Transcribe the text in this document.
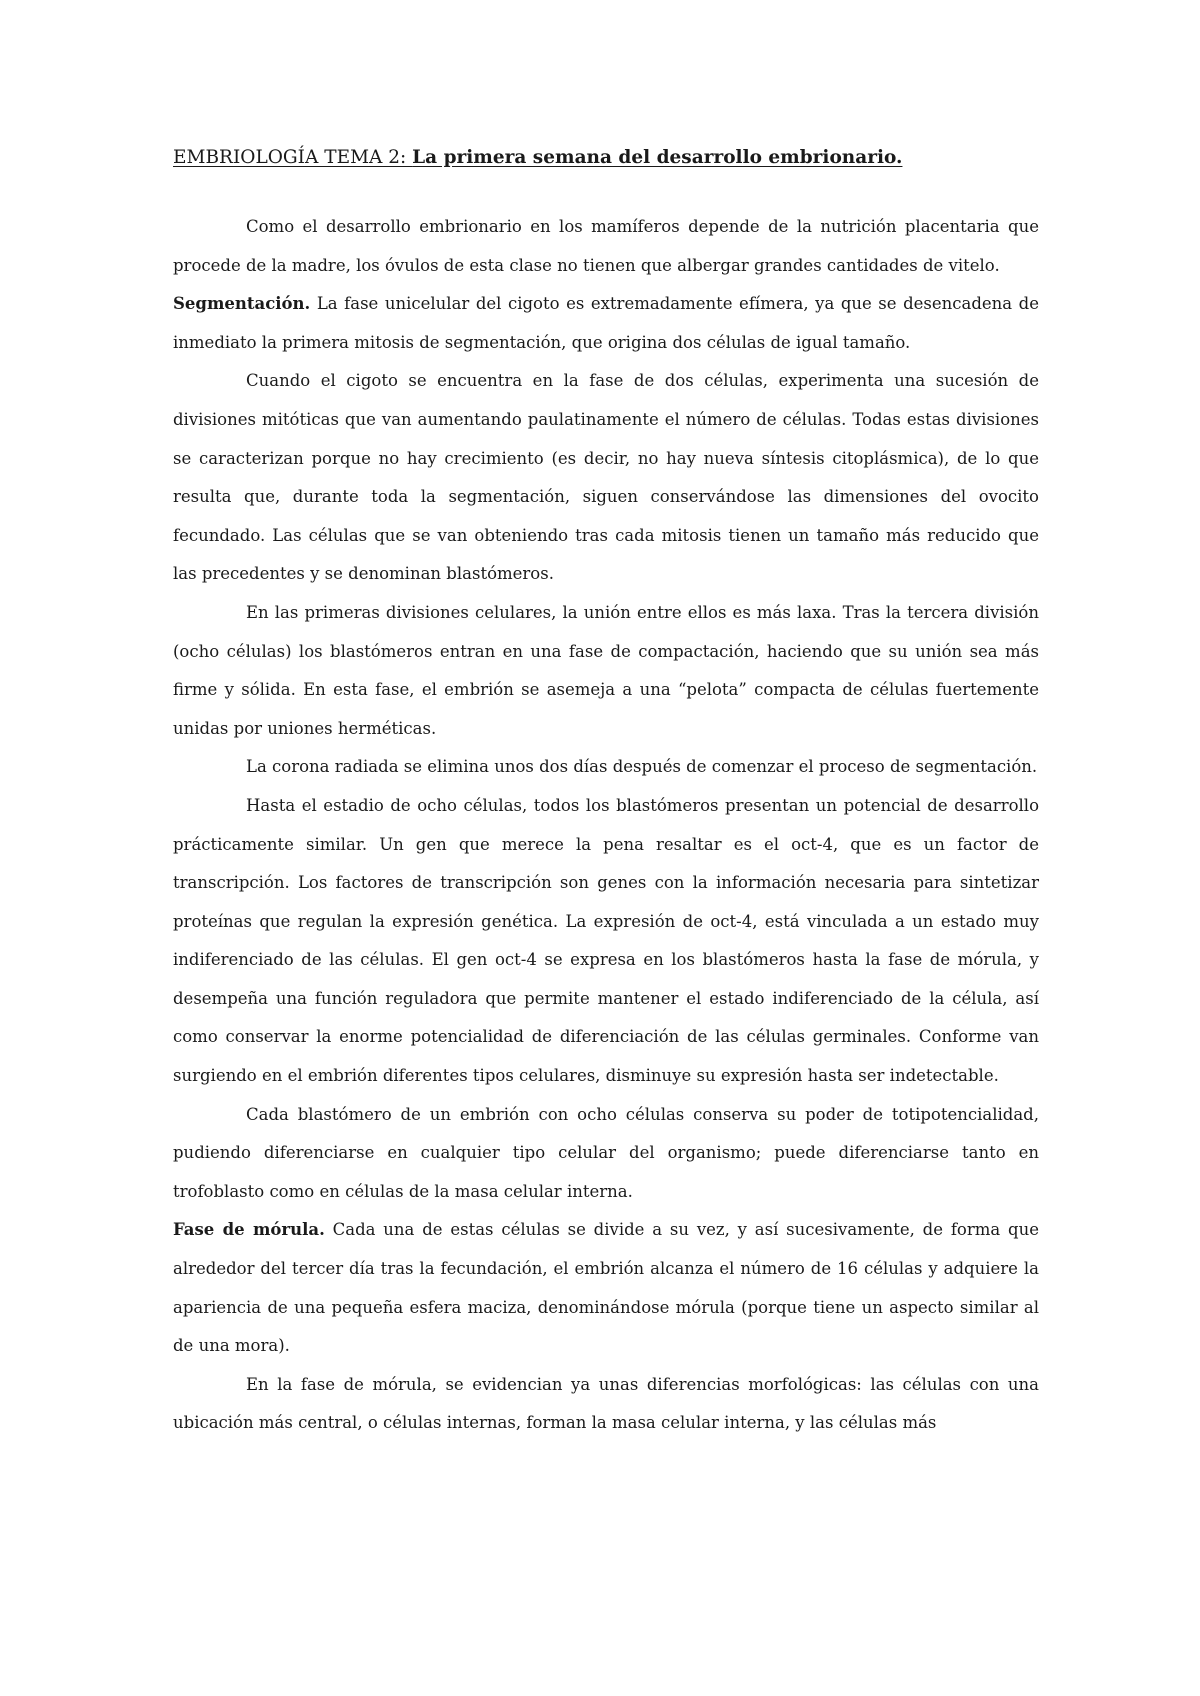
EMBRIOLOGÍA TEMA 2: La primera semana del desarrollo embrionario.

Como el desarrollo embrionario en los mamíferos depende de la nutrición placentaria que procede de la madre, los óvulos de esta clase no tienen que albergar grandes cantidades de vitelo.

Segmentación. La fase unicelular del cigoto es extremadamente efímera, ya que se desencadena de inmediato la primera mitosis de segmentación, que origina dos células de igual tamaño.

Cuando el cigoto se encuentra en la fase de dos células, experimenta una sucesión de divisiones mitóticas que van aumentando paulatinamente el número de células. Todas estas divisiones se caracterizan porque no hay crecimiento (es decir, no hay nueva síntesis citoplásmica), de lo que resulta que, durante toda la segmentación, siguen conservándose las dimensiones del ovocito fecundado. Las células que se van obteniendo tras cada mitosis tienen un tamaño más reducido que las precedentes y se denominan blastómeros.

En las primeras divisiones celulares, la unión entre ellos es más laxa. Tras la tercera división (ocho células) los blastómeros entran en una fase de compactación, haciendo que su unión sea más firme y sólida. En esta fase, el embrión se asemeja a una “pelota” compacta de células fuertemente unidas por uniones herméticas.

La corona radiada se elimina unos dos días después de comenzar el proceso de segmentación.

Hasta el estadio de ocho células, todos los blastómeros presentan un potencial de desarrollo prácticamente similar. Un gen que merece la pena resaltar es el oct-4, que es un factor de transcripción. Los factores de transcripción son genes con la información necesaria para sintetizar proteínas que regulan la expresión genética. La expresión de oct-4, está vinculada a un estado muy indiferenciado de las células. El gen oct-4 se expresa en los blastómeros hasta la fase de mórula, y desempeña una función reguladora que permite mantener el estado indiferenciado de la célula, así como conservar la enorme potencialidad de diferenciación de las células germinales. Conforme van surgiendo en el embrión diferentes tipos celulares, disminuye su expresión hasta ser indetectable.

Cada blastómero de un embrión con ocho células conserva su poder de totipotencialidad, pudiendo diferenciarse en cualquier tipo celular del organismo; puede diferenciarse tanto en trofoblasto como en células de la masa celular interna.

Fase de mórula. Cada una de estas células se divide a su vez, y así sucesivamente, de forma que alrededor del tercer día tras la fecundación, el embrión alcanza el número de 16 células y adquiere la apariencia de una pequeña esfera maciza, denominándose mórula (porque tiene un aspecto similar al de una mora).

En la fase de mórula, se evidencian ya unas diferencias morfológicas: las células con una ubicación más central, o células internas, forman la masa celular interna, y las células más
